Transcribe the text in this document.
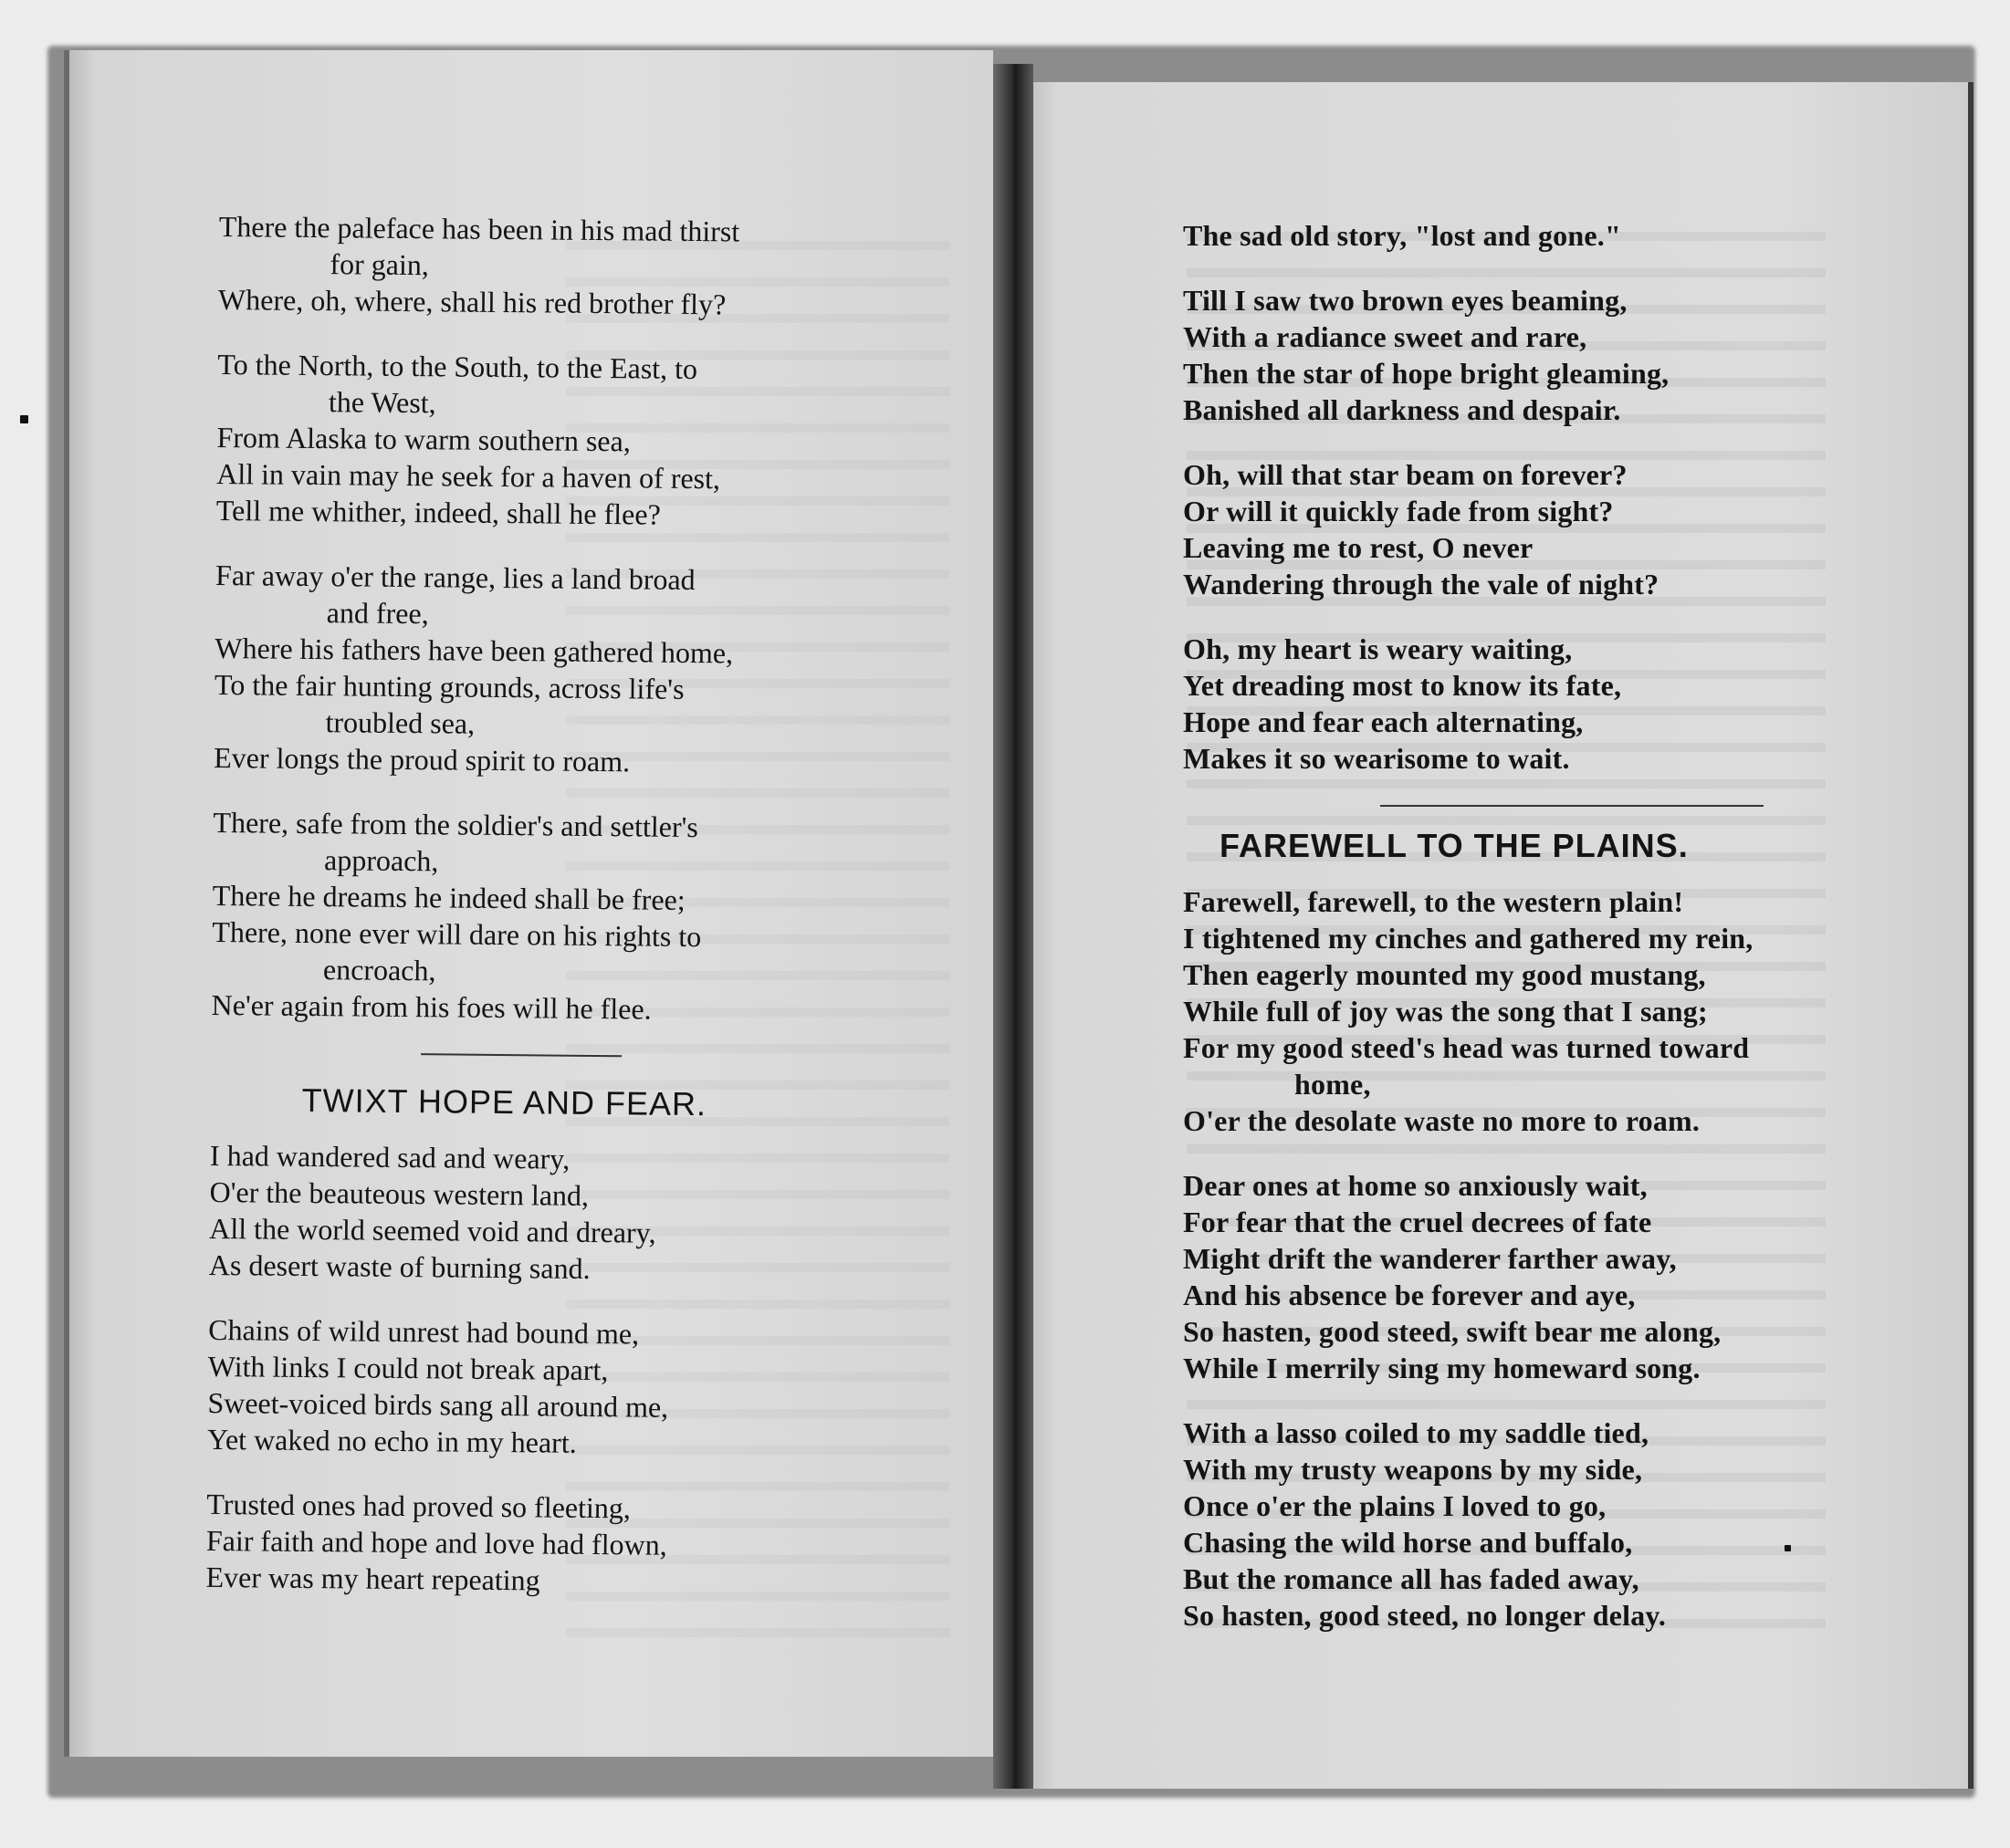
There the paleface has been in his mad thirst
for gain,
Where, oh, where, shall his red brother fly?
To the North, to the South, to the East, to
the West,
From Alaska to warm southern sea,
All in vain may he seek for a haven of rest,
Tell me whither, indeed, shall he flee?
Far away o'er the range, lies a land broad
and free,
Where his fathers have been gathered home,
To the fair hunting grounds, across life's
troubled sea,
Ever longs the proud spirit to roam.
There, safe from the soldier's and settler's
approach,
There he dreams he indeed shall be free;
There, none ever will dare on his rights to
encroach,
Ne'er again from his foes will he flee.
TWIXT HOPE AND FEAR.
I had wandered sad and weary,
O'er the beauteous western land,
All the world seemed void and dreary,
As desert waste of burning sand.
Chains of wild unrest had bound me,
With links I could not break apart,
Sweet-voiced birds sang all around me,
Yet waked no echo in my heart.
Trusted ones had proved so fleeting,
Fair faith and hope and love had flown,
Ever was my heart repeating
The sad old story, "lost and gone."
Till I saw two brown eyes beaming,
With a radiance sweet and rare,
Then the star of hope bright gleaming,
Banished all darkness and despair.
Oh, will that star beam on forever?
Or will it quickly fade from sight?
Leaving me to rest, O never
Wandering through the vale of night?
Oh, my heart is weary waiting,
Yet dreading most to know its fate,
Hope and fear each alternating,
Makes it so wearisome to wait.
FAREWELL TO THE PLAINS.
Farewell, farewell, to the western plain!
I tightened my cinches and gathered my rein,
Then eagerly mounted my good mustang,
While full of joy was the song that I sang;
For my good steed's head was turned toward
home,
O'er the desolate waste no more to roam.
Dear ones at home so anxiously wait,
For fear that the cruel decrees of fate
Might drift the wanderer farther away,
And his absence be forever and aye,
So hasten, good steed, swift bear me along,
While I merrily sing my homeward song.
With a lasso coiled to my saddle tied,
With my trusty weapons by my side,
Once o'er the plains I loved to go,
Chasing the wild horse and buffalo,
But the romance all has faded away,
So hasten, good steed, no longer delay.
